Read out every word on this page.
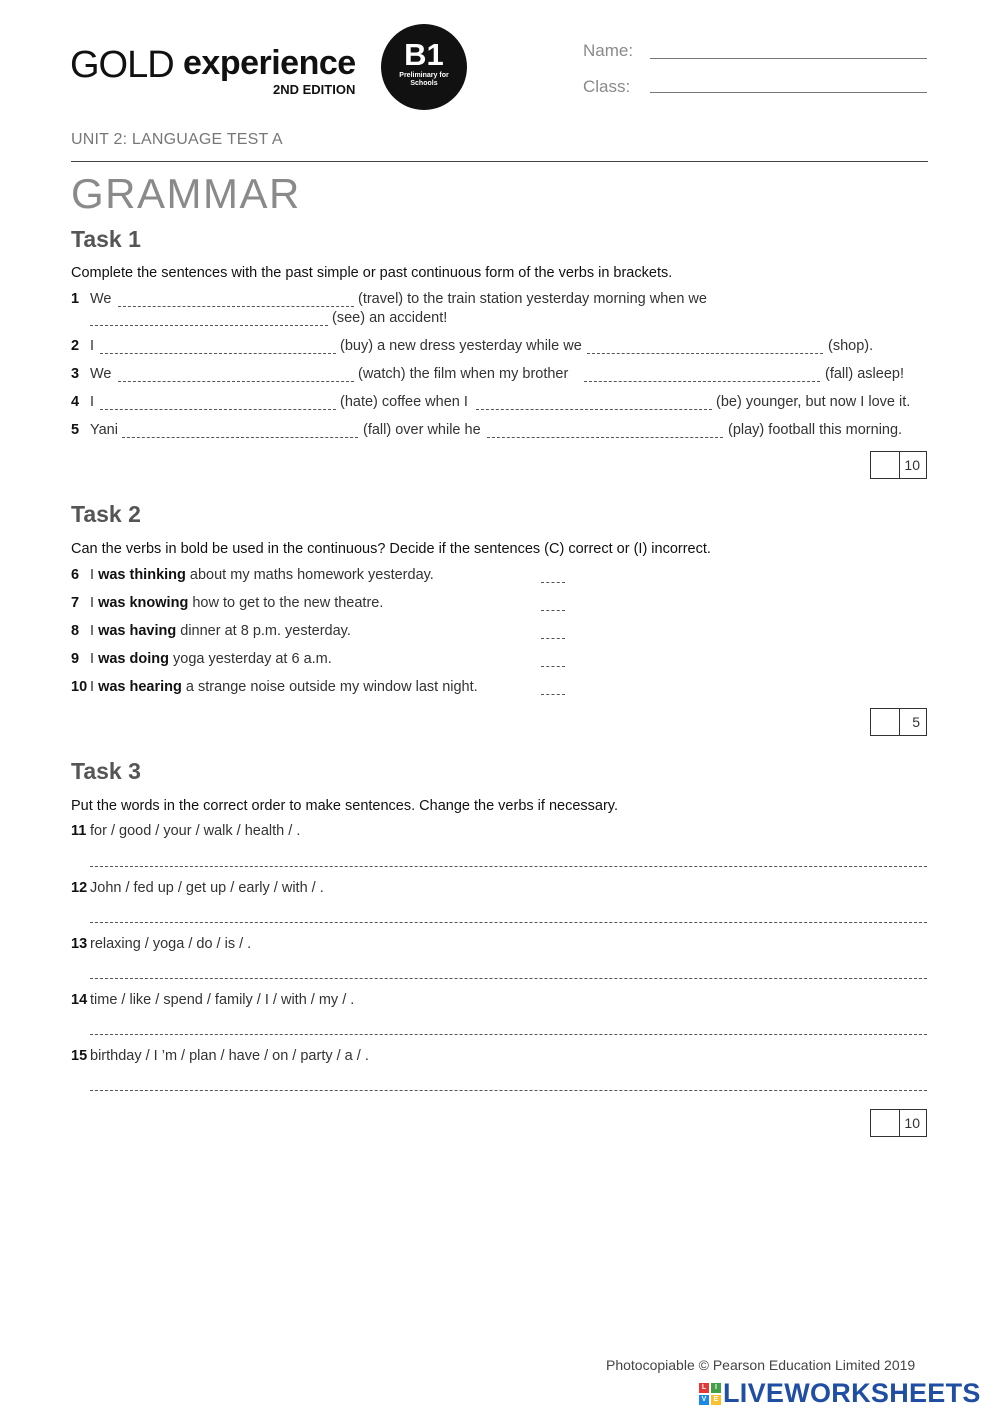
GOLD experience
2ND EDITION
B1
Preliminary for Schools
Name:
Class:
UNIT 2: LANGUAGE TEST A
GRAMMAR
Task 1
Complete the sentences with the past simple or past continuous form of the verbs in brackets.
1 We	(travel) to the train station yesterday morning when we
(see) an accident!
2 I	(buy) a new dress yesterday while we	(shop).
3 We	(watch) the film when my brother	(fall) asleep!
4 I	(hate) coffee when I	(be) younger, but now I love it.
5 Yani	(fall) over while he	(play) football this morning.
10
Task 2
Can the verbs in bold be used in the continuous? Decide if the sentences (C) correct or (I) incorrect.
6 I was thinking about my maths homework yesterday.
7 I was knowing how to get to the new theatre.
8 I was having dinner at 8 p.m. yesterday.
9 I was doing yoga yesterday at 6 a.m.
10 I was hearing a strange noise outside my window last night.
5
Task 3
Put the words in the correct order to make sentences. Change the verbs if necessary.
11 for / good / your / walk / health / .
12 John / fed up / get up / early / with / .
13 relaxing / yoga / do / is / .
14 time / like / spend / family / I / with / my / .
15 birthday / I ’m / plan / have / on / party / a / .
10
Photocopiable © Pearson Education Limited 2019
L	I
V	E LIVEWORKSHEETS
